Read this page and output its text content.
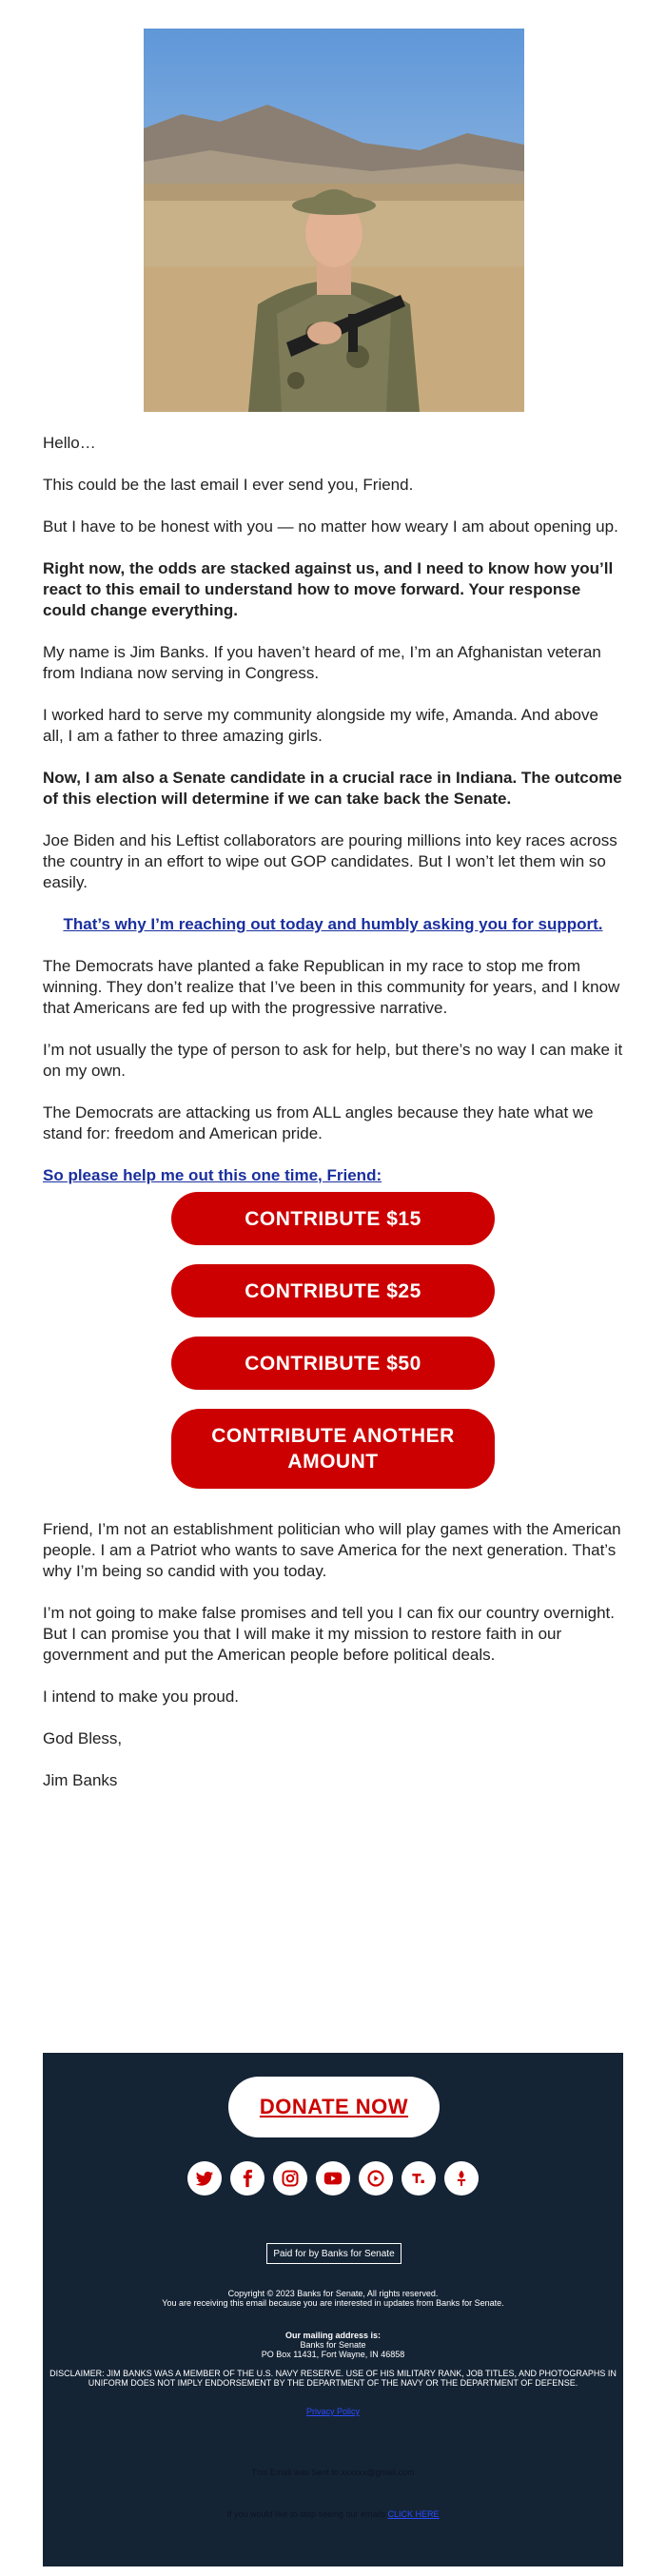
Hello…

This could be the last email I ever send you, Friend.

But I have to be honest with you — no matter how weary I am about opening up.

Right now, the odds are stacked against us, and I need to know how you’ll react to this email to understand how to move forward. Your response could change everything.

My name is Jim Banks. If you haven’t heard of me, I’m an Afghanistan veteran from Indiana now serving in Congress.

I worked hard to serve my community alongside my wife, Amanda. And above all, I am a father to three amazing girls.

Now, I am also a Senate candidate in a crucial race in Indiana. The outcome of this election will determine if we can take back the Senate.

Joe Biden and his Leftist collaborators are pouring millions into key races across the country in an effort to wipe out GOP candidates. But I won’t let them win so easily.

That’s why I’m reaching out today and humbly asking you for support.

The Democrats have planted a fake Republican in my race to stop me from winning. They don’t realize that I’ve been in this community for years, and I know that Americans are fed up with the progressive narrative.

I’m not usually the type of person to ask for help, but there’s no way I can make it on my own.

The Democrats are attacking us from ALL angles because they hate what we stand for: freedom and American pride.

So please help me out this one time, Friend:
CONTRIBUTE $15
CONTRIBUTE $25
CONTRIBUTE $50
CONTRIBUTE ANOTHER AMOUNT

Friend, I’m not an establishment politician who will play games with the American people. I am a Patriot who wants to save America for the next generation. That’s why I’m being so candid with you today.

I’m not going to make false promises and tell you I can fix our country overnight. But I can promise you that I will make it my mission to restore faith in our government and put the American people before political deals.

I intend to make you proud.

God Bless,

Jim Banks

DONATE NOW
Paid for by Banks for Senate
Copyright © 2023 Banks for Senate, All rights reserved.
You are receiving this email because you are interested in updates from Banks for Senate.
Our mailing address is:
Banks for Senate
PO Box 11431, Fort Wayne, IN 46858
DISCLAIMER: JIM BANKS WAS A MEMBER OF THE U.S. NAVY RESERVE. USE OF HIS MILITARY RANK, JOB TITLES, AND PHOTOGRAPHS IN UNIFORM DOES NOT IMPLY ENDORSEMENT BY THE DEPARTMENT OF THE NAVY OR THE DEPARTMENT OF DEFENSE.
Privacy Policy
This Email was Sent to xxxxxx@gmail.com
If you would like to stop seeing our emails CLICK HERE
